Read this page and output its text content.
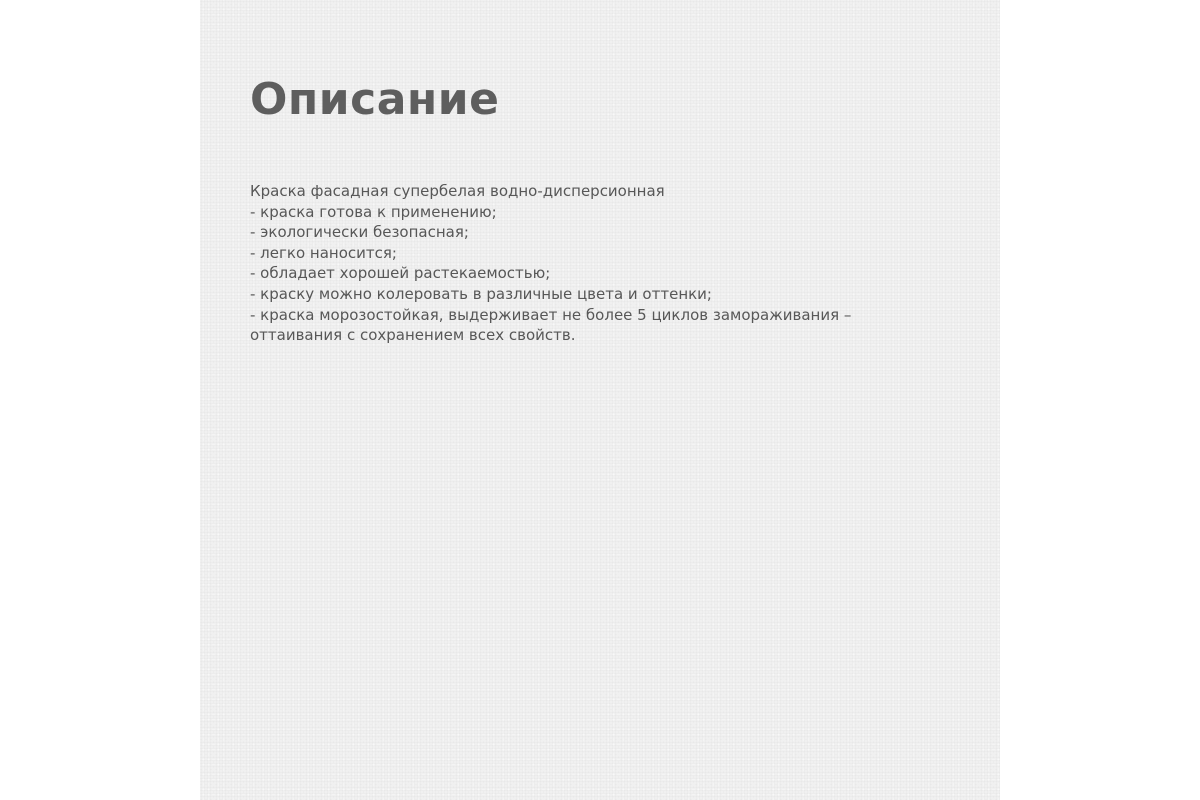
Описание
Краска фасадная супербелая водно-дисперсионная
- краска готова к применению;
- экологически безопасная;
- легко наносится;
- обладает хорошей растекаемостью;
- краску можно колеровать в различные цвета и оттенки;
- краска морозостойкая, выдерживает не более 5 циклов замораживания –
оттаивания с сохранением всех свойств.
